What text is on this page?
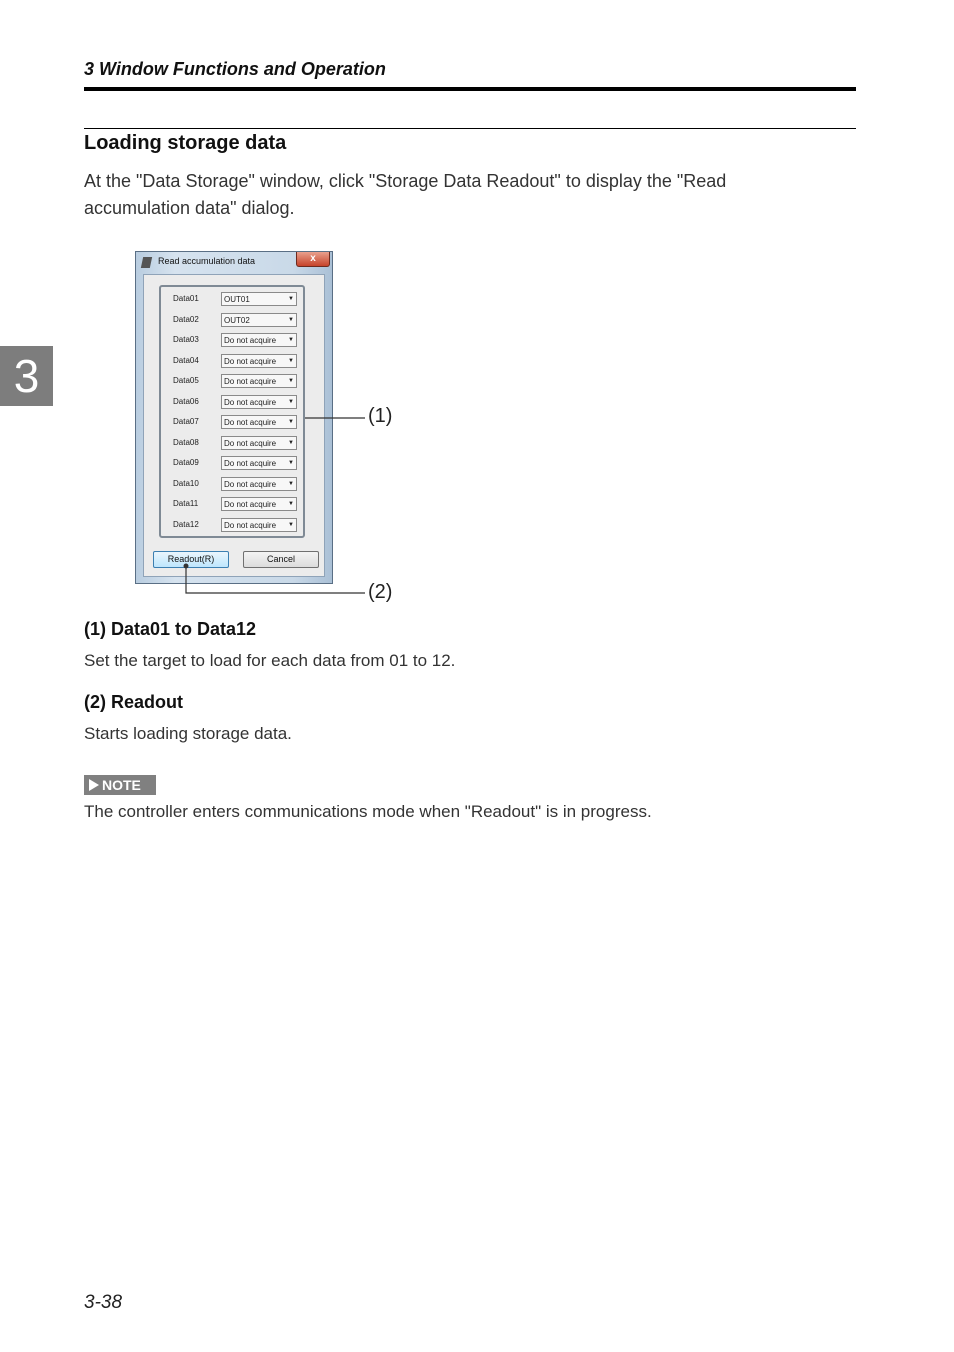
3 Window Functions and Operation
3
Loading storage data
At the "Data Storage" window, click "Storage Data Readout" to display the "Read accumulation data" dialog.
Read accumulation data	x
Data01	OUT01	▼
Data02	OUT02	▼
Data03	Do not acquire ▼
Data04	Do not acquire ▼
Data05	Do not acquire ▼
Data06	Do not acquire ▼
Data07	Do not acquire ▼
Data08	Do not acquire ▼
Data09	Do not acquire ▼
Data10	Do not acquire ▼
Data11	Do not acquire ▼
Data12	Do not acquire ▼
Readout(R)	Cancel
(1)
(2)
(1) Data01 to Data12
Set the target to load for each data from 01 to 12.
(2) Readout
Starts loading storage data.
NOTE
The controller enters communications mode when "Readout" is in progress.
3-38
